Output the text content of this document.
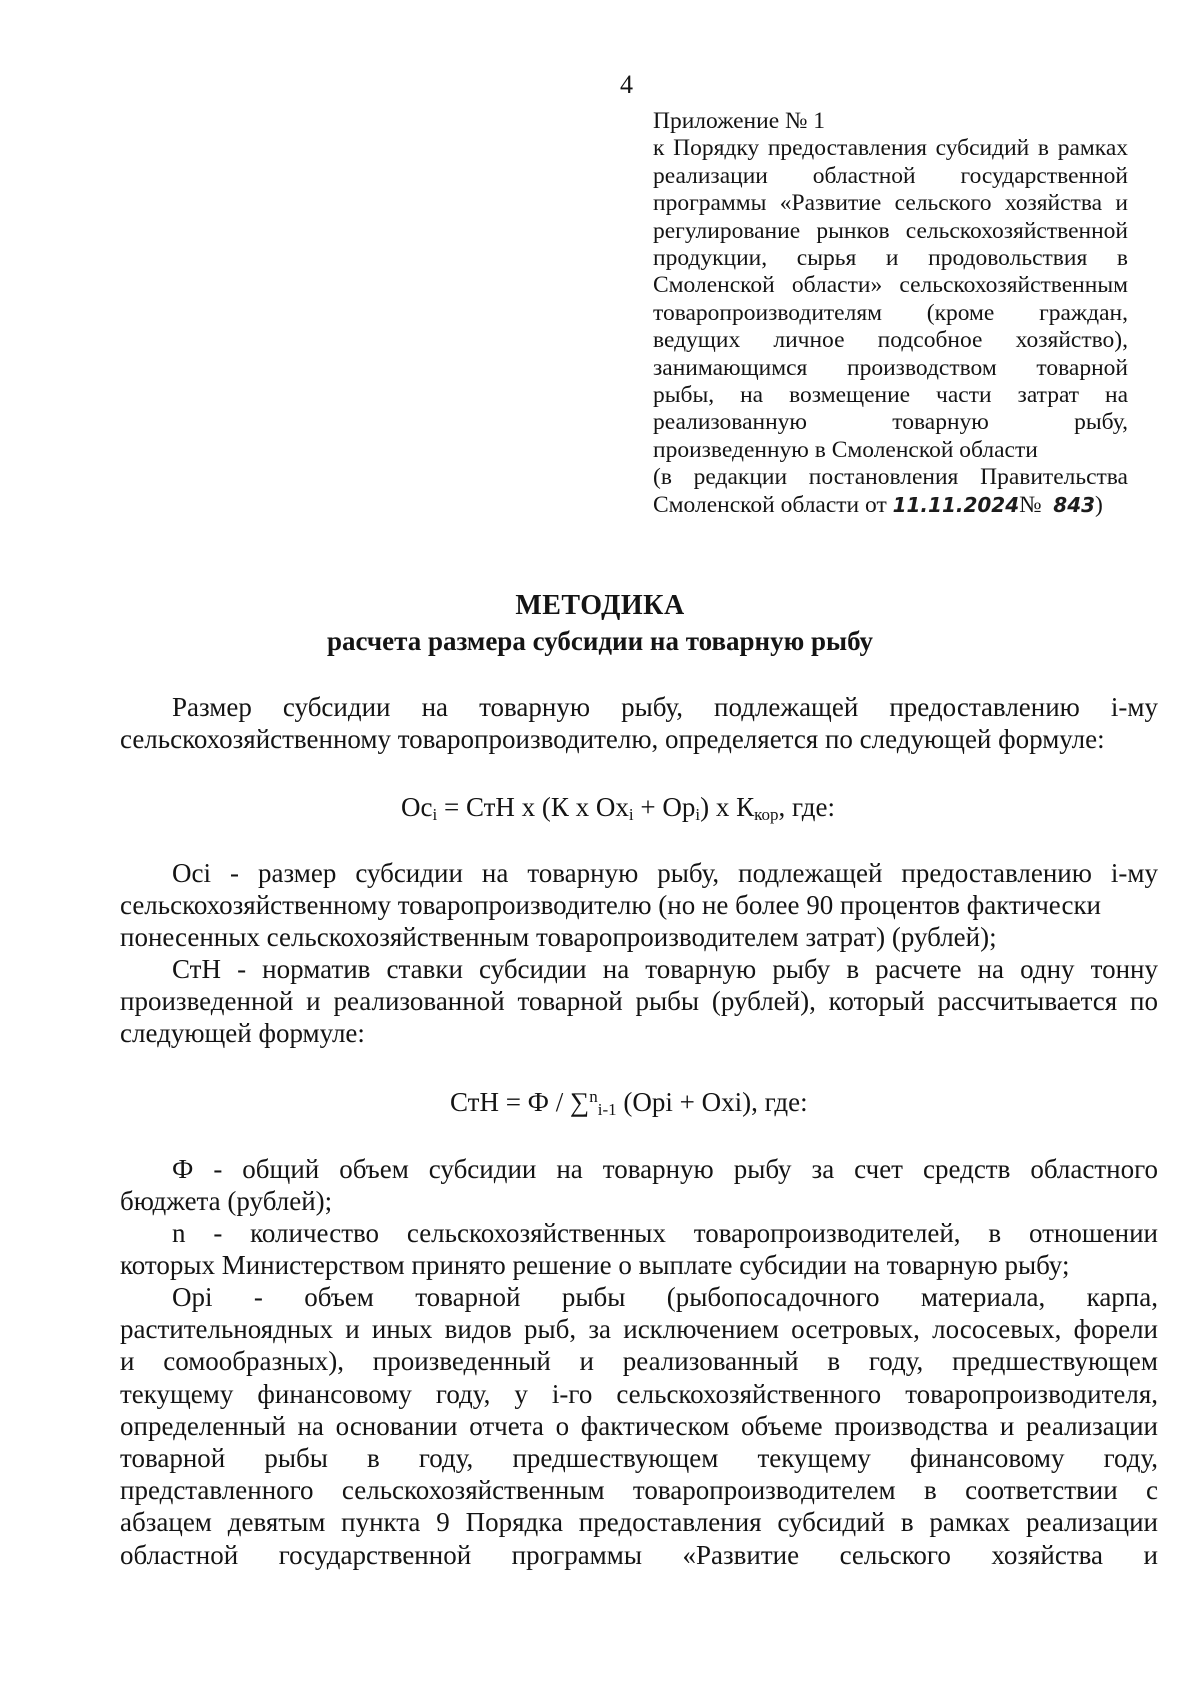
4
Приложение № 1
к Порядку предоставления субсидий в рамках
реализации областной государственной
программы «Развитие сельского хозяйства и
регулирование рынков сельскохозяйственной
продукции, сырья и продовольствия в
Смоленской области» сельскохозяйственным
товаропроизводителям (кроме граждан,
ведущих личное подсобное хозяйство),
занимающимся производством товарной
рыбы, на возмещение части затрат на
реализованную товарную рыбу,
произведенную в Смоленской области
(в редакции постановления Правительства
Смоленской области от 11.11.2024№ 843)
МЕТОДИКА
расчета размера субсидии на товарную рыбу
Размер субсидии на товарную рыбу, подлежащей предоставлению i-му
сельскохозяйственному товаропроизводителю, определяется по следующей формуле:
$Ос_i$ = СтН х (К х $Ох_i + Ор_i$) х $К_{кор}$, где:
Осi - размер субсидии на товарную рыбу, подлежащей предоставлению i-му
сельскохозяйственному товаропроизводителю (но не более 90 процентов фактически
понесенных сельскохозяйственным товаропроизводителем затрат) (рублей);
СтН - норматив ставки субсидии на товарную рыбу в расчете на одну тонну
произведенной и реализованной товарной рыбы (рублей), который рассчитывается по
следующей формуле:
СтН = Ф / ∑$^n_{i-1}$ (Орi + Охi), где:
Ф - общий объем субсидии на товарную рыбу за счет средств областного
бюджета (рублей);
n - количество сельскохозяйственных товаропроизводителей, в отношении
которых Министерством принято решение о выплате субсидии на товарную рыбу;
Орi - объем товарной рыбы (рыбопосадочного материала, карпа,
растительноядных и иных видов рыб, за исключением осетровых, лососевых, форели
и сомообразных), произведенный и реализованный в году, предшествующем
текущему финансовому году, у i-го сельскохозяйственного товаропроизводителя,
определенный на основании отчета о фактическом объеме производства и реализации
товарной рыбы в году, предшествующем текущему финансовому году,
представленного сельскохозяйственным товаропроизводителем в соответствии с
абзацем девятым пункта 9 Порядка предоставления субсидий в рамках реализации
областной государственной программы «Развитие сельского хозяйства и
